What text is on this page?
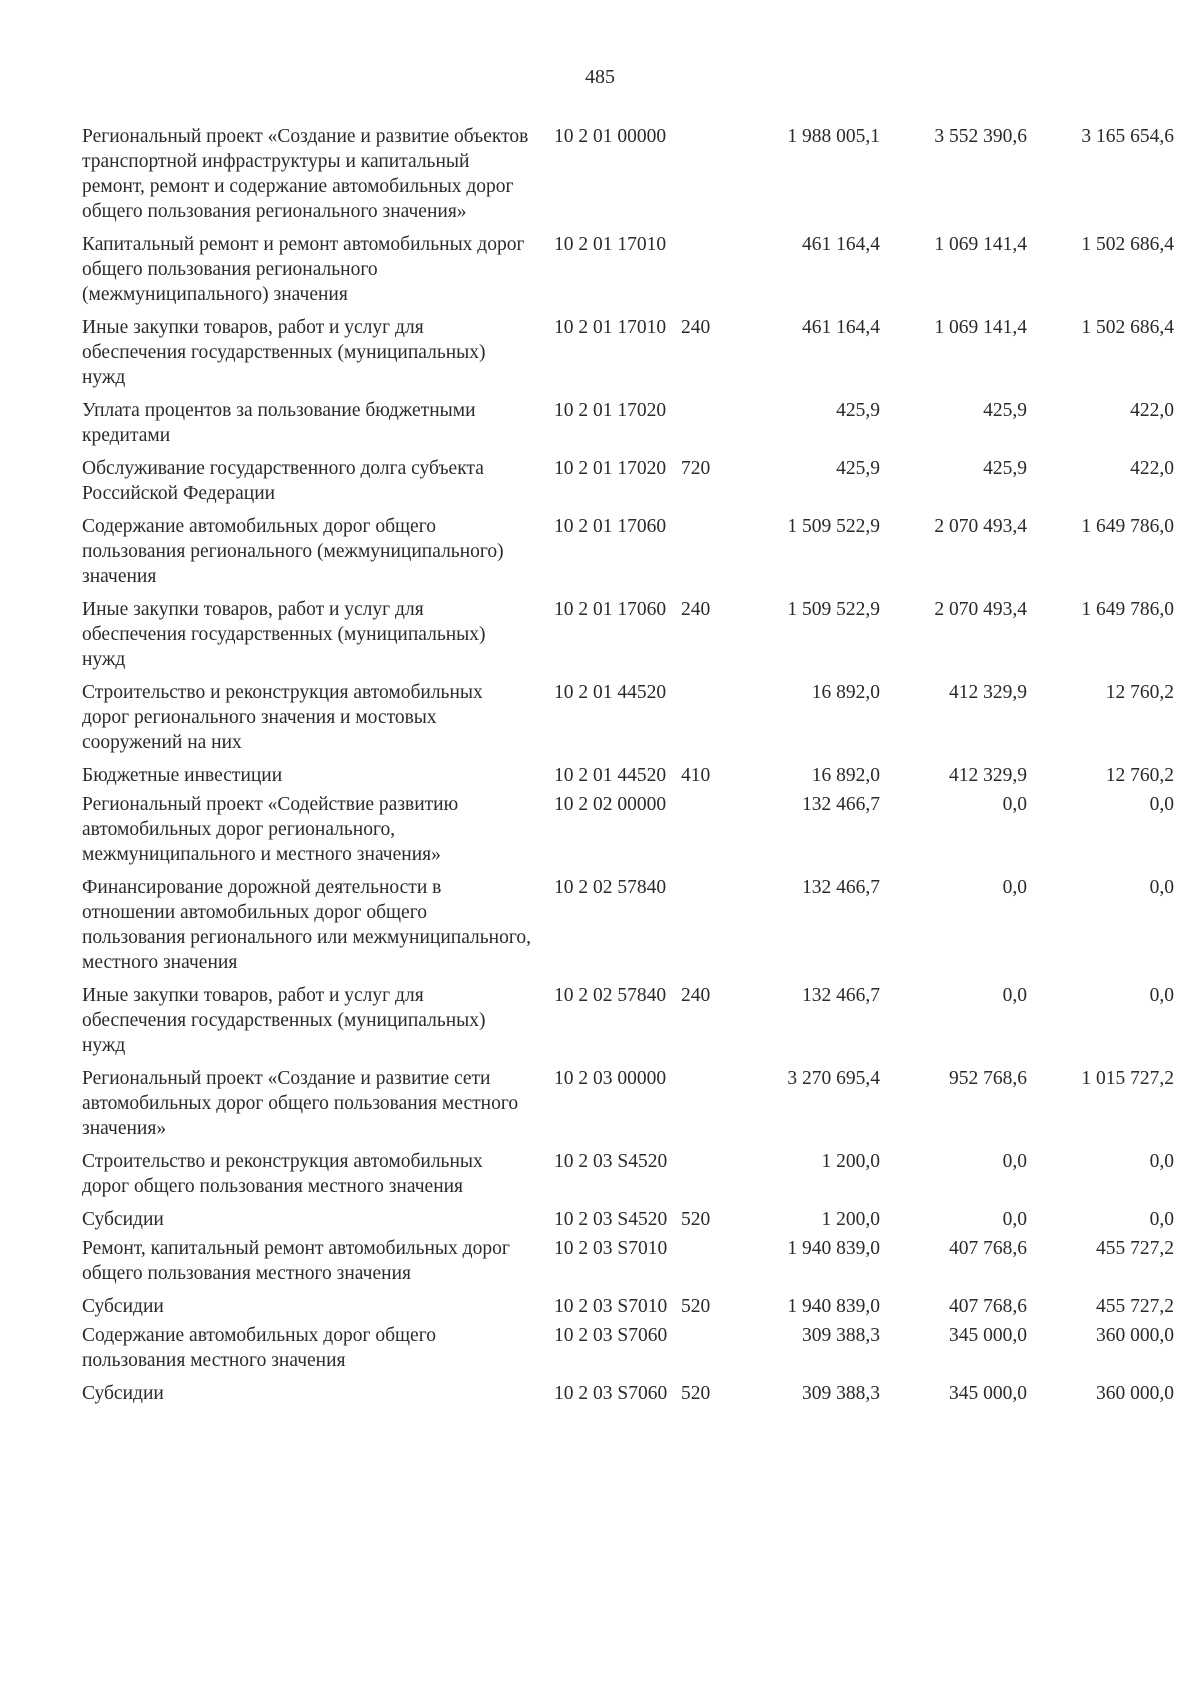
485
Региональный проект «Создание и развитие объектов транспортной инфраструктуры и капитальный ремонт, ремонт и содержание автомобильных дорог общего пользования регионального значения»	10 2 01 00000		1 988 005,1	3 552 390,6	3 165 654,6
Капитальный ремонт и ремонт автомобильных дорог общего пользования регионального (межмуниципального) значения	10 2 01 17010		461 164,4	1 069 141,4	1 502 686,4
Иные закупки товаров, работ и услуг для обеспечения государственных (муниципальных) нужд	10 2 01 17010	240	461 164,4	1 069 141,4	1 502 686,4
Уплата процентов за пользование бюджетными кредитами	10 2 01 17020		425,9	425,9	422,0
Обслуживание государственного долга субъекта Российской Федерации	10 2 01 17020	720	425,9	425,9	422,0
Содержание автомобильных дорог общего пользования регионального (межмуниципального) значения	10 2 01 17060		1 509 522,9	2 070 493,4	1 649 786,0
Иные закупки товаров, работ и услуг для обеспечения государственных (муниципальных) нужд	10 2 01 17060	240	1 509 522,9	2 070 493,4	1 649 786,0
Строительство и реконструкция автомобильных дорог регионального значения и мостовых сооружений на них	10 2 01 44520		16 892,0	412 329,9	12 760,2
Бюджетные инвестиции	10 2 01 44520	410	16 892,0	412 329,9	12 760,2
Региональный проект «Содействие развитию автомобильных дорог регионального, межмуниципального и местного значения»	10 2 02 00000		132 466,7	0,0	0,0
Финансирование дорожной деятельности в отношении автомобильных дорог общего пользования регионального или межмуниципального, местного значения	10 2 02 57840		132 466,7	0,0	0,0
Иные закупки товаров, работ и услуг для обеспечения государственных (муниципальных) нужд	10 2 02 57840	240	132 466,7	0,0	0,0
Региональный проект «Создание и развитие сети автомобильных дорог общего пользования местного значения»	10 2 03 00000		3 270 695,4	952 768,6	1 015 727,2
Строительство и реконструкция автомобильных дорог общего пользования местного значения	10 2 03 S4520		1 200,0	0,0	0,0
Субсидии	10 2 03 S4520	520	1 200,0	0,0	0,0
Ремонт, капитальный ремонт автомобильных дорог общего пользования местного значения	10 2 03 S7010		1 940 839,0	407 768,6	455 727,2
Субсидии	10 2 03 S7010	520	1 940 839,0	407 768,6	455 727,2
Содержание автомобильных дорог общего пользования местного значения	10 2 03 S7060		309 388,3	345 000,0	360 000,0
Субсидии	10 2 03 S7060	520	309 388,3	345 000,0	360 000,0
